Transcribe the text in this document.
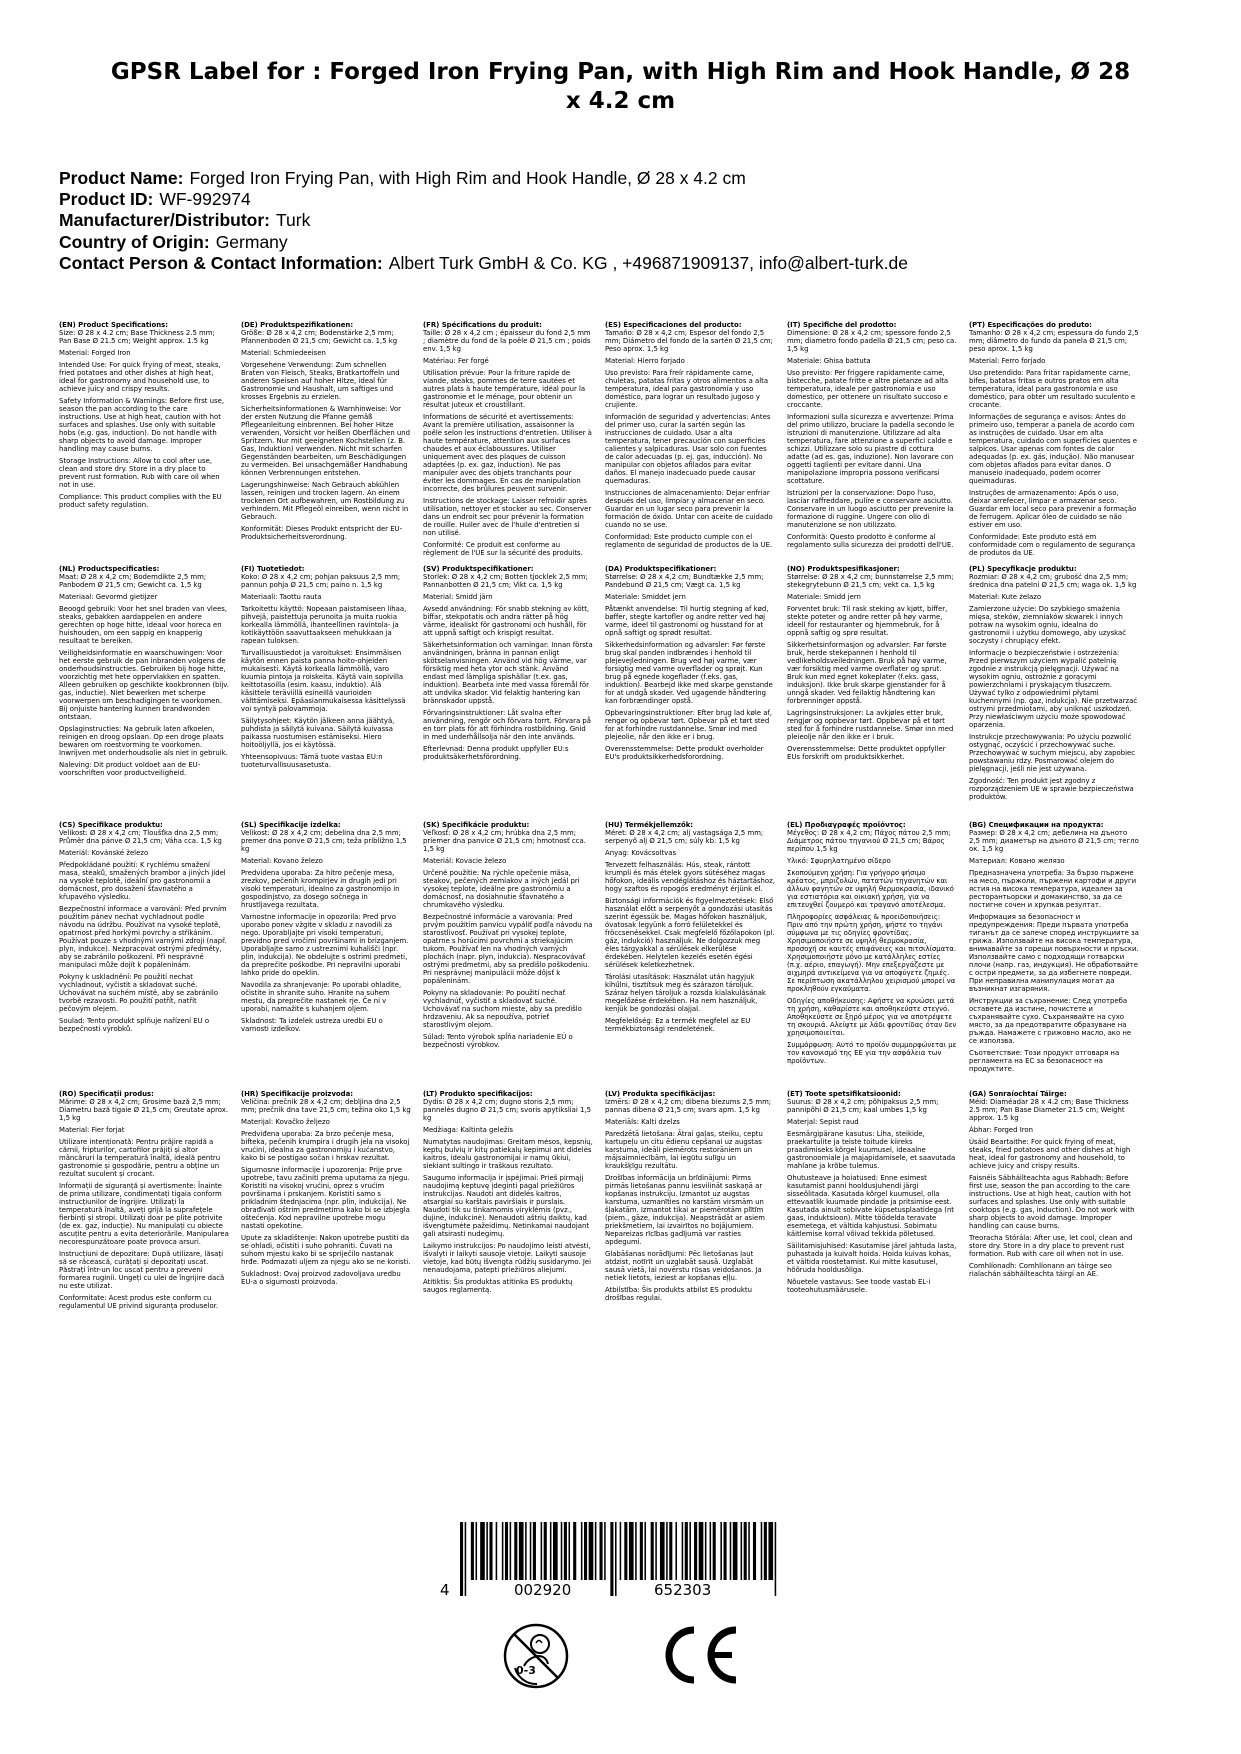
GPSR Label for : Forged Iron Frying Pan, with High Rim and Hook Handle, Ø 28 x 4.2 cm
Product Name: Forged Iron Frying Pan, with High Rim and Hook Handle, Ø 28 x 4.2 cm
Product ID: WF-992974
Manufacturer/Distributor: Turk
Country of Origin: Germany
Contact Person & Contact Information: Albert Turk GmbH & Co. KG , +496871909137, info@albert-turk.de

(EN) Product Specifications:

Size: Ø 28 x 4.2 cm; Base Thickness 2.5 mm; Pan Base Ø 21.5 cm; Weight approx. 1.5 kg

Material: Forged Iron

Intended Use: For quick frying of meat, steaks, fried potatoes and other dishes at high heat, ideal for gastronomy and household use, to achieve juicy and crispy results.

Safety Information & Warnings: Before first use, season the pan according to the care instructions. Use at high heat, caution with hot surfaces and splashes. Use only with suitable hobs (e.g. gas, induction). Do not handle with sharp objects to avoid damage. Improper handling may cause burns.

Storage Instructions: Allow to cool after use, clean and store dry. Store in a dry place to prevent rust formation. Rub with care oil when not in use.

Compliance: This product complies with the EU product safety regulation.

(DE) Produktspezifikationen:

Größe: Ø 28 x 4,2 cm; Bodenstärke 2,5 mm; Pfannenboden Ø 21,5 cm; Gewicht ca. 1,5 kg

Material: Schmiedeeisen

Vorgesehene Verwendung: Zum schnellen Braten von Fleisch, Steaks, Bratkartoffeln und anderen Speisen auf hoher Hitze, ideal für Gastronomie und Haushalt, um saftiges und krosses Ergebnis zu erzielen.

Sicherheitsinformationen & Warnhinweise: Vor der ersten Nutzung die Pfanne gemäß Pflegeanleitung einbrennen. Bei hoher Hitze verwenden, Vorsicht vor heißen Oberflächen und Spritzern. Nur mit geeigneten Kochstellen (z. B. Gas, Induktion) verwenden. Nicht mit scharfen Gegenständen bearbeiten, um Beschädigungen zu vermeiden. Bei unsachgemäßer Handhabung können Verbrennungen entstehen.

Lagerungshinweise: Nach Gebrauch abkühlen lassen, reinigen und trocken lagern. An einem trockenen Ort aufbewahren, um Rostbildung zu verhindern. Mit Pflegeöl einreiben, wenn nicht in Gebrauch.

Konformität: Dieses Produkt entspricht der EU-Produktsicherheitsverordnung.

(FR) Spécifications du produit:

Taille: Ø 28 x 4,2 cm ; épaisseur du fond 2,5 mm ; diamètre du fond de la poêle Ø 21,5 cm ; poids env. 1,5 kg

Matériau: Fer forgé

Utilisation prévue: Pour la friture rapide de viande, steaks, pommes de terre sautées et autres plats à haute température, idéal pour la gastronomie et le ménage, pour obtenir un résultat juteux et croustillant.

Informations de sécurité et avertissements: Avant la première utilisation, assaisonner la poêle selon les instructions d'entretien. Utiliser à haute température, attention aux surfaces chaudes et aux éclaboussures. Utiliser uniquement avec des plaques de cuisson adaptées (p. ex. gaz, induction). Ne pas manipuler avec des objets tranchants pour éviter les dommages. En cas de manipulation incorrecte, des brûlures peuvent survenir.

Instructions de stockage: Laisser refroidir après utilisation, nettoyer et stocker au sec. Conserver dans un endroit sec pour prévenir la formation de rouille. Huiler avec de l'huile d'entretien si non utilisé.

Conformité: Ce produit est conforme au règlement de l'UE sur la sécurité des produits.

(ES) Especificaciones del producto:

Tamaño: Ø 28 x 4,2 cm; Espesor del fondo 2,5 mm; Diámetro del fondo de la sartén Ø 21,5 cm; Peso aprox. 1,5 kg

Material: Hierro forjado

Uso previsto: Para freír rápidamente carne, chuletas, patatas fritas y otros alimentos a alta temperatura, ideal para gastronomía y uso doméstico, para lograr un resultado jugoso y crujiente.

Información de seguridad y advertencias: Antes del primer uso, curar la sartén según las instrucciones de cuidado. Usar a alta temperatura, tener precaución con superficies calientes y salpicaduras. Usar solo con fuentes de calor adecuadas (p. ej. gas, inducción). No manipular con objetos afilados para evitar daños. El manejo inadecuado puede causar quemaduras.

Instrucciones de almacenamiento: Dejar enfriar después del uso, limpiar y almacenar en seco. Guardar en un lugar seco para prevenir la formación de óxido. Untar con aceite de cuidado cuando no se use.

Conformidad: Este producto cumple con el reglamento de seguridad de productos de la UE.

(IT) Specifiche del prodotto:

Dimensione: Ø 28 x 4,2 cm; spessore fondo 2,5 mm; diametro fondo padella Ø 21,5 cm; peso ca. 1,5 kg

Materiale: Ghisa battuta

Uso previsto: Per friggere rapidamente carne, bistecche, patate fritte e altre pietanze ad alta temperatura, ideale per gastronomia e uso domestico, per ottenere un risultato succoso e croccante.

Informazioni sulla sicurezza e avvertenze: Prima del primo utilizzo, bruciare la padella secondo le istruzioni di manutenzione. Utilizzare ad alta temperatura, fare attenzione a superfici calde e schizzi. Utilizzare solo su piastre di cottura adatte (ad es. gas, induzione). Non lavorare con oggetti taglienti per evitare danni. Una manipolazione impropria possono verificarsi scottature.

Istruzioni per la conservazione: Dopo l'uso, lasciar raffreddare, pulire e conservare asciutto. Conservare in un luogo asciutto per prevenire la formazione di ruggine. Ungere con olio di manutenzione se non utilizzato.

Conformità: Questo prodotto è conforme al regolamento sulla sicurezza dei prodotti dell'UE.

(PT) Especificações do produto:

Tamanho: Ø 28 x 4,2 cm; espessura do fundo 2,5 mm; diâmetro do fundo da panela Ø 21,5 cm; peso aprox. 1,5 kg

Material: Ferro forjado

Uso pretendido: Para fritar rapidamente carne, bifes, batatas fritas e outros pratos em alta temperatura, ideal para gastronomia e uso doméstico, para obter um resultado suculento e crocante.

Informações de segurança e avisos: Antes do primeiro uso, temperar a panela de acordo com as instruções de cuidado. Usar em alta temperatura, cuidado com superfícies quentes e salpicos. Usar apenas com fontes de calor adequadas (p. ex. gás, indução). Não manusear com objetos afiados para evitar danos. O manuseio inadequado, podem ocorrer queimaduras.

Instruções de armazenamento: Após o uso, deixar arrefecer, limpar e armazenar seco. Guardar em local seco para prevenir a formação de ferrugem. Aplicar óleo de cuidado se não estiver em uso.

Conformidade: Este produto está em conformidade com o regulamento de segurança de produtos da UE.

(NL) Productspecificaties:

Maat: Ø 28 x 4,2 cm; Bodemdikte 2,5 mm; Panbodem Ø 21,5 cm; Gewicht ca. 1,5 kg

Materiaal: Gevormd gietijzer

Beoogd gebruik: Voor het snel braden van vlees, steaks, gebakken aardappelen en andere gerechten op hoge hitte, ideaal voor horeca en huishouden, om een sappig en knapperig resultaat te bereiken.

Veiligheidsinformatie en waarschuwingen: Voor het eerste gebruik de pan inbranden volgens de onderhoudsinstructies. Gebruiken bij hoge hitte, voorzichtig met hete oppervlakken en spatten. Alleen gebruiken op geschikte kookbronnen (bijv. gas, inductie). Niet bewerken met scherpe voorwerpen om beschadigingen te voorkomen. Bij onjuiste hantering kunnen brandwonden ontstaan.

Opslaginstructies: Na gebruik laten afkoelen, reinigen en droog opslaan. Op een droge plaats bewaren om roestvorming te voorkomen. Inwrijven met onderhoudsolie als niet in gebruik.

Naleving: Dit product voldoet aan de EU-voorschriften voor productveiligheid.

(FI) Tuotetiedot:

Koko: Ø 28 x 4,2 cm; pohjan paksuus 2,5 mm; pannun pohja Ø 21,5 cm; paino n. 1,5 kg

Materiaali: Taottu rauta

Tarkoitettu käyttö: Nopeaan paistamiseen lihaa, pihvejä, paistettuja perunoita ja muita ruokia korkealla lämmöllä, ihanteellinen ravintola- ja kotikäyttöön saavuttaakseen mehukkaan ja rapean tuloksen.

Turvallisuustiedot ja varoitukset: Ensimmäisen käytön ennen paista panna hoito-ohjeiden mukaisesti. Käytä korkealla lämmöllä, varo kuumia pintoja ja roiskeita. Käytä vain sopivilla keittotasoilla (esim. kaasu, induktio). Älä käsittele teräviillä esineillä vaurioiden välttämiseksi. Epäasianmukaisessa käsittelyssä voi syntyä palovammoja.

Säilytysohjeet: Käytön jälkeen anna jäähtyä, puhdista ja säilytä kuivana. Säilytä kuivassa paikassa ruostumisen estämiseksi. Hiero hoitoöljyllä, jos ei käytössä.

Yhteensopivuus: Tämä tuote vastaa EU:n tuoteturvallisuusasetusta.

(SV) Produktspecifikationer:

Storlek: Ø 28 x 4,2 cm; Botten tjocklek 2,5 mm; Pannanbotten Ø 21,5 cm; Vikt ca. 1,5 kg

Material: Smidd järn

Avsedd användning: För snabb stekning av kött, biffar, stekpotatis och andra rätter på hög värme, idealiskt för gastronomi och hushåll, för att uppnå saftigt och krispigt resultat.

Säkerhetsinformation och varningar: Innan första användningen, bränna in pannan enligt skötselanvisningen. Använd vid hög värme, var försiktig med heta ytor och stänk. Använd endast med lämpliga spishällar (t.ex. gas, induktion). Bearbeta inte med vassa föremål för att undvika skador. Vid felaktig hantering kan brännskador uppstå.

Förvaringsinstruktioner: Låt svalna efter användning, rengör och förvara torrt. Förvara på en torr plats för att förhindra rostbildning. Gnid in med underhållsolja när den inte används.

Efterlevnad: Denna produkt uppfyller EU:s produktsäkerhetsförordning.

(DA) Produktspecifikationer:

Størrelse: Ø 28 x 4,2 cm; Bundtække 2,5 mm; Pandebund Ø 21,5 cm; Vægt ca. 1,5 kg

Materiale: Smiddet jern

Påtænkt anvendelse: Til hurtig stegning af kød, bøffer, stegte kartofler og andre retter ved høj varme, ideel til gastronomi og husstand for at opnå saftigt og sprødt resultat.

Sikkerhedsinformation og advarsler: Før første brug skal panden indbrændes i henhold til plejevejledningen. Brug ved høj varme, vær forsigtig med varme overflader og sprøjt. Kun brug på egnede kogeflader (f.eks. gas, induktion). Bearbejd ikke med skarpe genstande for at undgå skader. Ved ugagende håndtering kan forbrændinger opstå.

Opbevaringsinstruktioner: Efter brug lad køle af, rengør og opbevar tørt. Opbevar på et tørt sted for at forhindre rustdannelse. Smør ind med plejeolie, når den ikke er i brug.

Overensstemmelse: Dette produkt overholder EU's produktsikkerhedsforordning.

(NO) Produktspesifikasjoner:

Størrelse: Ø 28 x 4,2 cm; bunnstørrelse 2,5 mm; stekegrytebunn Ø 21,5 cm; vekt ca. 1,5 kg

Materiale: Smidd jern

Forventet bruk: Til rask steking av kjøtt, biffer, stekte poteter og andre retter på høy varme, ideell for restauranter og hjemmebruk, for å oppnå saftig og sprø resultat.

Sikkerhetsinformasjon og advarsler: Før første bruk, herde stekepannen i henhold til vedlikeholdsveiledningen. Bruk på høy varme, vær forsiktig med varme overflater og sprut. Bruk kun med egnet kokeplater (f.eks. gass, induksjon). Ikke bruk skarpe gjenstander for å unngå skader. Ved feilaktig håndtering kan forbrenninger oppstå.

Lagringsinstruksjoner: La avkjøles etter bruk, rengjør og oppbevar tørt. Oppbevar på et tørt sted for å forhindre rustdannelse. Smør inn med pleieolje når den ikke er i bruk.

Overensstemmelse: Dette produktet oppfyller EUs forskrift om produktsikkerhet.

(PL) Specyfikacje produktu:

Rozmiar: Ø 28 x 4,2 cm; grubość dna 2,5 mm; średnica dna patelni Ø 21,5 cm; waga ok. 1,5 kg

Materiał: Kute żelazo

Zamierzone użycie: Do szybkiego smażenia mięsa, steków, ziemniaków skwarek i innych potraw na wysokim ogniu, idealna do gastronomii i użytku domowego, aby uzyskać soczysty i chrupiący efekt.

Informacje o bezpieczeństwie i ostrzeżenia: Przed pierwszym użyciem wypalić patelnię zgodnie z instrukcją pielęgnacji. Używać na wysokim ogniu, ostrożnie z gorącymi powierzchniami i pryskającym tłuszczem. Używać tylko z odpowiednimi płytami kuchennymi (np. gaz, indukcja). Nie przetwarzać ostrymi przedmiotami, aby uniknąć uszkodzeń. Przy niewłaściwym użyciu może spowodować oparzenia.

Instrukcje przechowywania: Po użyciu pozwolić ostygnąć, oczyścić i przechowywać suche. Przechowywać w suchym miejscu, aby zapobiec powstawaniu rdzy. Posmarować olejem do pielęgnacji, jeśli nie jest używana.

Zgodność: Ten produkt jest zgodny z rozporządzeniem UE w sprawie bezpieczeństwa produktów.

(CS) Specifikace produktu:

Velikost: Ø 28 x 4,2 cm; Tloušťka dna 2,5 mm; Průměr dna pánve Ø 21,5 cm; Váha cca. 1,5 kg

Materiál: Kovánské železo

Předpokládané použití: K rychlému smažení masa, steaků, smažených brambor a jiných jídel na vysoké teplotě, ideální pro gastronomii a domácnost, pro dosažení šťavnatého a křupavého výsledku.

Bezpečnostní informace a varování: Před prvním použitím pánev nechat vychladnout podle návodu na údržbu. Používat na vysoké teplotě, opatrnost před horkými povrchy a stříkáním. Používat pouze s vhodnými varnými zdroji (např. plyn, indukce). Nezpracovat ostrými předměty, aby se zabránilo poškození. Při nesprávné manipulaci může dojít k popáleninám.

Pokyny k uskladnění: Po použití nechat vychladnout, vyčistit a skladovat suché. Uchovávat na suchém místě, aby se zabránilo tvorbě rezavosti. Po použití potřít, natřít pečovým olejem.

Soulad: Tento produkt splňuje nařízení EU o bezpečnosti výrobků.

(SL) Specifikacije izdelka:

Velikost: Ø 28 x 4,2 cm; debelina dna 2,5 mm; premer dna ponve Ø 21,5 cm; teža približno 1,5 kg

Material: Kovano železo

Predvidena uporaba: Za hitro pečenje mesa, zrezkov, pečenih krompirjev in drugih jedi pri visoki temperaturi, idealno za gastronomijo in gospodinjstvo, za dosego sočnega in hrustljavega rezultata.

Varnostne informacije in opozorila: Pred prvo uporabo ponev vžgite v skladu z navodili za nego. Uporabljajte pri visoki temperaturi, previdno pred vročimi površinami in brizganjem. Uporabljajte samo z ustreznimi kuhališči (npr. plin, indukcija). Ne obdelujte s ostrimi predmeti, da preprečite poškodbe. Pri nepravilni uporabi lahko pride do opeklin.

Navodila za shranjevanje: Po uporabi ohladite, očistite in shranite suho. Hranite na suhem mestu, da preprečite nastanek rje. Če ni v uporabi, namažite s kuhanjem oljem.

Skladnost: Ta izdelek ustreza uredbi EU o varnosti izdelkov.

(SK) Špecifikácie produktu:

Veľkosť: Ø 28 x 4,2 cm; hrúbka dna 2,5 mm; priemer dna panvice Ø 21,5 cm; hmotnosť cca. 1,5 kg

Materiál: Kovacie železo

Určené použitie: Na rýchle opečenie mäsa, steakov, pečených zemiakov a iných jedál pri vysokej teplote, ideálne pre gastronómiu a domácnosť, na dosiahnutie šťavnatého a chrumkavého výsledku.

Bezpečnostné informácie a varovania: Pred prvým použitím panvicu vypáliť podľa návodu na starostlivosť. Používať pri vysokej teplote, opatrne s horúcimi povrchmi a striekajúcim tukom. Používať len na vhodných varných plochách (napr. plyn, indukcia). Nespracovávať ostrými predmetmi, aby sa predišlo poškodeniu. Pri nesprávnej manipulácii môže dôjsť k popáleninám.

Pokyny na skladovanie: Po použití nechať vychladnúť, vyčistiť a skladovať suché. Uchovávať na suchom mieste, aby sa predišlo hrdzaveniu. Ak sa nepoužíva, potrieť starostlivým olejom.

Súlad: Tento výrobok spĺňa nariadenie EÚ o bezpečnosti výrobkov.

(HU) Termékjellemzők:

Méret: Ø 28 x 4,2 cm; alj vastagsága 2,5 mm; serpenyő alj Ø 21,5 cm; súly kb. 1,5 kg

Anyag: Kovácsoltvas

Tervezett felhasználás: Hús, steak, rántott krumpli és más ételek gyors sütéséhez magas hőfokon, ideális vendéglátáshoz és háztartáshoz, hogy szaftos és ropogós eredményt érjünk el.

Biztonsági információk és figyelmeztetések: Első használat előtt a serpenyőt a gondozási utasítás szerint égessük be. Magas hőfokon használjuk, óvatosak legyünk a forró felületekkel és fröccsenésekkel. Csak megfelelő főzőlapokon (pl. gáz, indukció) használjuk. Ne dolgozzuk meg éles tárgyakkal a sérülések elkerülése érdekében. Helytelen kezelés esetén égési sérülések keletkezhetnek.

Tárolási utasítások: Használat után hagyjuk kihűlni, tisztítsuk meg és szárazon tároljuk. Száraz helyen tároljuk a rozsda kialakulásának megelőzése érdekében. Ha nem használjuk, kenjük be gondozási olajjal.

Megfelelőség: Ez a termék megfelel az EU termékbiztonsági rendeletének.

(EL) Προδιαγραφές προϊόντος:

Μέγεθος: Ø 28 x 4,2 cm; Πάχος πάτου 2,5 mm; Διάμετρος πάτου τηγανιού Ø 21,5 cm; Βάρος περίπου 1,5 kg

Υλικό: Σφυρηλατημένο σίδερο

Σκοπούμενη χρήση: Για γρήγορο ψήσιμο κρέατος, μπριζολών, πατατών τηγανητών και άλλων φαγητών σε υψηλή θερμοκρασία, ιδανικό για εστιατόρια και οικιακή χρήση, για να επιτευχθεί ζουμερό και τραγανό αποτέλεσμα.

Πληροφορίες ασφάλειας & προειδοποιήσεις: Πριν από την πρώτη χρήση, ψήστε το τηγάνι σύμφωνα με τις οδηγίες φροντίδας. Χρησιμοποιήστε σε υψηλή θερμοκρασία, προσοχή σε καυτές επιφάνειες και πιτσιλίσματα. Χρησιμοποιήστε μόνο με κατάλληλες εστίες (π.χ. αέριο, επαγωγή). Μην επεξεργάζεστε με αιχμηρά αντικείμενα για να αποφύγετε ζημιές. Σε περίπτωση ακατάλληλου χειρισμού μπορεί να προκληθούν εγκαύματα.

Οδηγίες αποθήκευσης: Αφήστε να κρυώσει μετά τη χρήση, καθαρίστε και αποθηκεύστε στεγνό. Αποθηκεύστε σε ξηρό μέρος για να αποτρέψετε τη σκουριά. Αλείψτε με λάδι φροντίδας όταν δεν χρησιμοποιείται.

Συμμόρφωση: Αυτό το προϊόν συμμορφώνεται με τον κανονισμό της ΕΕ για την ασφάλεια των προϊόντων.

(BG) Спецификации на продукта:

Размер: Ø 28 x 4,2 cm; дебелина на дъното 2,5 mm; диаметър на дъното Ø 21,5 cm; тегло ок. 1,5 kg

Материал: Ковано желязо

Предназначена употреба: За бързо пържене на месо, пържоли, пържени картофи и други ястия на висока температура, идеален за ресторантьорски и домакинство, за да се постигне сочен и хрупкав резултат.

Информация за безопасност и предупреждения: Преди първата употреба тиганът да се запече според инструкциите за грижа. Използвайте на висока температура, внимавайте за горещи повърхности и пръски. Използвайте само с подходящи готварски плочи (напр. газ, индукция). Не обработвайте с остри предмети, за да избегнете повреди. При неправилна манипулация могат да възникнат изгаряния.

Инструкции за съхранение: След употреба оставете да изстине, почистете и съхранявайте сухо. Съхранявайте на сухо място, за да предотвратите образуване на ръжда. Намажете с грижовно масло, ако не се използва.

Съответствие: Този продукт отговаря на регламента на ЕС за безопасност на продуктите.

(RO) Specificații produs:

Mărime: Ø 28 x 4,2 cm; Grosime bază 2,5 mm; Diametru bază tigaie Ø 21,5 cm; Greutate aprox. 1,5 kg

Material: Fier forjat

Utilizare intenționată: Pentru prăjire rapidă a cărnii, fripturilor, cartofilor prăjiți și altor mâncăruri la temperatură înaltă, ideală pentru gastronomie și gospodărie, pentru a obține un rezultat suculent și crocant.

Informații de siguranță și avertismente: Înainte de prima utilizare, condimentați tigaia conform instrucțiunilor de îngrijire. Utilizați la temperatură înaltă, aveți grijă la suprafețele fierbinți și stropi. Utilizați doar pe plite potrivite (de ex. gaz, inducție). Nu manipulați cu obiecte ascuțite pentru a evita deteriorările. Manipularea necorespunzătoare poate provoca arsuri.

Instrucțiuni de depozitare: După utilizare, lăsați să se răcească, curățați și depozitați uscat. Păstrați într-un loc uscat pentru a preveni formarea ruginii. Ungeți cu ulei de îngrijire dacă nu este utilizat.

Conformitate: Acest produs este conform cu regulamentul UE privind siguranța produselor.

(HR) Specifikacije proizvoda:

Veličina: prečnik 28 x 4,2 cm; debljina dna 2,5 mm; prečnik dna tave 21,5 cm; težina oko 1,5 kg

Materijal: Kovačko željezo

Predviđena uporaba: Za brzo pečenje mesa, bifteka, pečenih krumpira i drugih jela na visokoj vrućini, idealna za gastronomiju i kućanstvo, kako bi se postigao sočan i hrskav rezultat.

Sigurnosne informacije i upozorenja: Prije prve upotrebe, tavu začiniti prema uputama za njegu. Koristiti na visokoj vrućini, oprez s vrućim površinama i prskanjem. Koristiti samo s prikladnim štednjacima (npr. plin, indukcija). Ne obrađivati oštrim predmetima kako bi se izbjegla oštećenja. Kod nepravilne upotrebe mogu nastati opekotine.

Upute za skladištenje: Nakon upotrebe pustiti da se ohladi, očistiti i suho pohraniti. Čuvati na suhom mjestu kako bi se spriječilo nastanak hrđe. Podmazati uljem za njegu ako se ne koristi.

Sukladnost: Ovaj proizvod zadovoljava uredbu EU-a o sigurnosti proizvoda.

(LT) Produkto specifikacijos:

Dydis: Ø 28 x 4,2 cm; dugno storis 2,5 mm; pannelės dugno Ø 21,5 cm; svoris apytiksliai 1,5 kg

Medžiaga: Kaltinta geležis

Numatytas naudojimas: Greitam mėsos, kepsnių, keptų bulvių ir kitų patiekalų kepimui ant didelės kaitros, idealu gastronomijai ir namų ūkiui, siekiant sultingo ir traškaus rezultato.

Saugumo informacija ir įspėjimai: Prieš pirmąjį naudojimą keptuvę įdeginti pagal priežiūros instrukcijas. Naudoti ant didelės kaitros, atsargiai su karštais paviršiais ir purslais. Naudoti tik su tinkamomis viryklėmis (pvz., dujinė, indukcinė). Nenaudoti aštrių daiktų, kad išvengtumėte pažeidimų. Netinkamai naudojant gali atsirasti nudegimų.

Laikymo instrukcijos: Po naudojimo leisti atvėsti, išvalyti ir laikyti sausoje vietoje. Laikyti sausoje vietoje, kad būtų išvengta rūdžių susidarymo. Jei nenaudojama, patepti priežiūros aliejumi.

Atitiktis: Šis produktas atitinka ES produktų saugos reglamentą.

(LV) Produkta specifikācijas:

Izmērs: Ø 28 x 4,2 cm; dibena biezums 2,5 mm; pannas dibena Ø 21,5 cm; svars apm. 1,5 kg

Materiāls: Kalti dzelzs

Paredzētā lietošana: Ātrai gaļas, steiku, ceptu kartupeļu un citu ēdienu cepšanai uz augstas karstuma, ideāli piemērots restorāniem un mājsaimniecībām, lai iegūtu sulīgu un kraukšķīgu rezultātu.

Drošības informācija un brīdinājumi: Pirms pirmās lietošanas pannu iesvilināt saskaņā ar kopšanas instrukciju. Izmantot uz augstas karstuma, uzmanīties no karstām virsmām un šļakatām. Izmantot tikai ar piemērotām plītīm (piem., gāze, indukcija). Neapstrādāt ar asiem priekšmetiem, lai izvairītos no bojājumiem. Nepareizas rīcības gadījumā var rasties apdegumi.

Glabāšanas norādījumi: Pēc lietošanas ļaut atdzist, notīrīt un uzglabāt sausā. Uzglabāt sausā vietā, lai novērstu rūsas veidošanos. Ja netiek lietots, ieziest ar kopšanas eļļu.

Atbilstība: Šis produkts atbilst ES produktu drošības regulai.

(ET) Toote spetsifikatsioonid:

Suurus: Ø 28 x 4,2 cm; põhipaksus 2,5 mm; pannipõhi Ø 21,5 cm; kaal umbes 1,5 kg

Materjal: Sepist raud

Eesmärgipärane kasutus: Liha, steikide, praekartulite ja teiste toitude kiireks praadimiseks kõrgel kuumusel, ideaalne gastronoomiale ja majapidamisele, et saavutada mahlane ja krõbe tulemus.

Ohutusteave ja hoiatused: Enne esimest kasutamist panni hooldusjuhendi järgi sisseõlitada. Kasutada kõrgel kuumusel, olla ettevaatlik kuumade pindade ja pritsimise eest. Kasutada ainult sobivate küpsetusplaatidega (nt gaas, induktsioon). Mitte töödelda teravate esemetega, et vältida kahjustusi. Sobimatu käitlemise korral võivad tekkida põletused.

Säilitamisjuhised: Kasutamise järel jahtuda lasta, puhastada ja kuivalt hoida. Hoida kuivas kohas, et vältida roostetamist. Kui mitte kasutusel, hõõruda hooldusõliga.

Nõuetele vastavus: See toode vastab EL-i tooteohutusmäärusele.

(GA) Sonraíochtaí Táirge:

Méid: Diaméadar 28 x 4.2 cm; Base Thickness 2.5 mm; Pan Base Diameter 21.5 cm; Weight approx. 1.5 kg

Ábhar: Forged Iron

Úsáid Beartaithe: For quick frying of meat, steaks, fried potatoes and other dishes at high heat, ideal for gastronomy and household, to achieve juicy and crispy results.

Faisnéis Sábháilteachta agus Rabhadh: Before first use, season the pan according to the care instructions. Use at high heat, caution with hot surfaces and splashes. Use only with suitable cooktops (e.g. gas, induction). Do not work with sharp objects to avoid damage. Improper handling can cause burns.

Treoracha Stórála: After use, let cool, clean and store dry. Store in a dry place to prevent rust formation. Rub with care oil when not in use.

Comhlíonadh: Comhlíonann an táirge seo rialachán sábháilteachta táirgí an AE.

4	002920	652303
0-3
